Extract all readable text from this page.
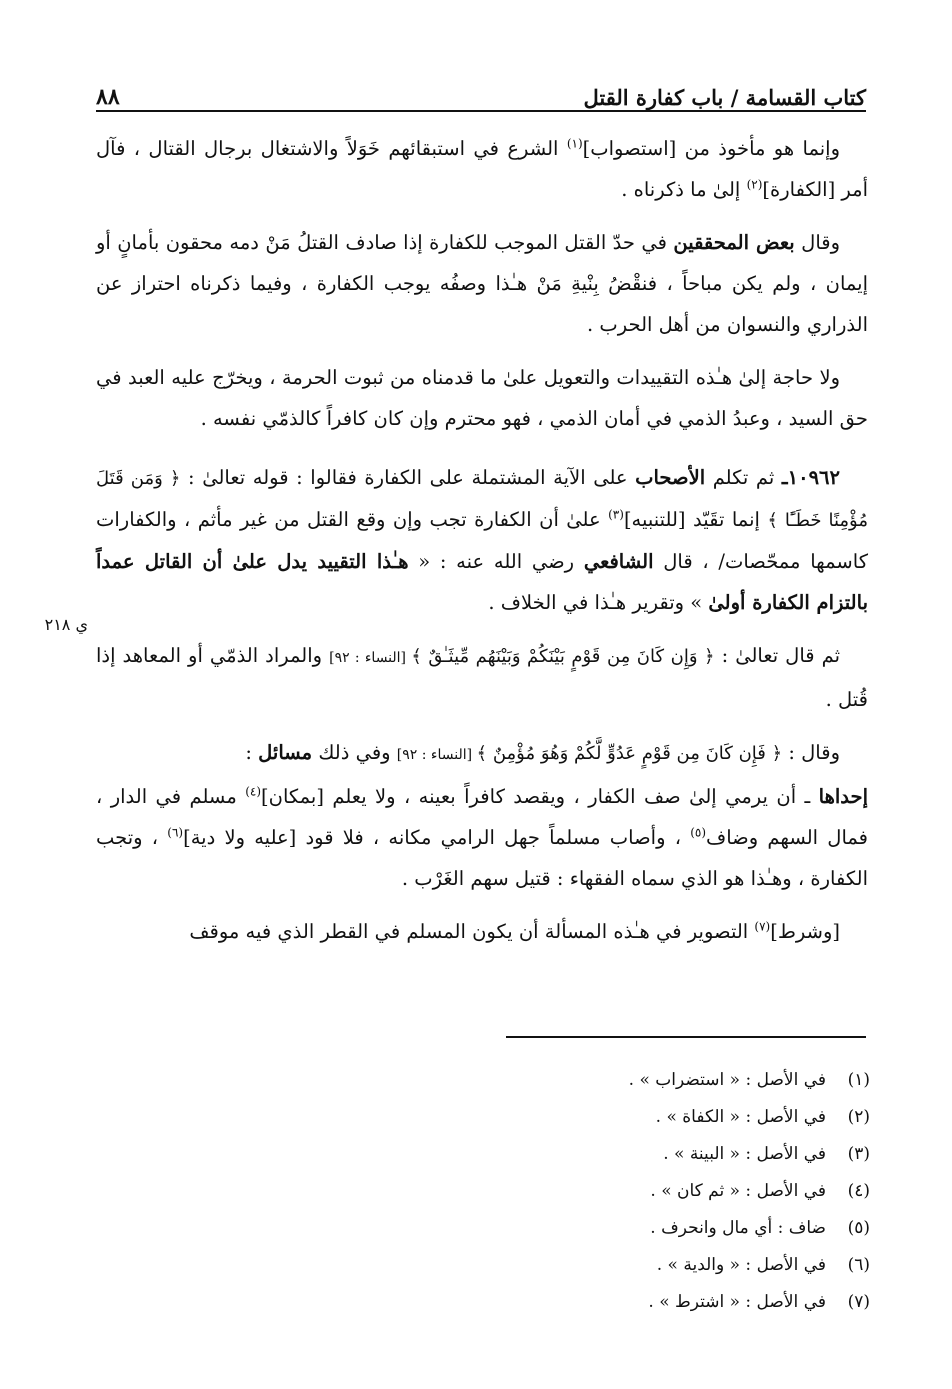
٨٨	كتاب القسامة / باب كفارة القتل
ي ٢١٨

وإنما هو مأخوذ من [استصواب]$^{(١)}$ الشرع في استبقائهم خَوَلاً والاشتغال برجال القتال ، فآل أمر [الكفارة]$^{(٢)}$ إلىٰ ما ذكرناه .

وقال بعض المحققين في حدّ القتل الموجب للكفارة إذا صادف القتلُ مَنْ دمه محقون بأمانٍ أو إيمان ، ولم يكن مباحاً ، فنقْضُ بِنْيةِ مَنْ هـٰذا وصفُه يوجب الكفارة ، وفيما ذكرناه احتراز عن الذراري والنسوان من أهل الحرب .

ولا حاجة إلىٰ هـٰذه التقييدات والتعويل علىٰ ما قدمناه من ثبوت الحرمة ، ويخرّج عليه العبد في حق السيد ، وعبدُ الذمي في أمان الذمي ، فهو محترم وإن كان كافراً كالذمّي نفسه .

١٠٩٦٢ـ ثم تكلم الأصحاب على الآية المشتملة على الكفارة فقالوا : قوله تعالىٰ : ﴿ وَمَن قَتَلَ مُؤْمِنًا خَطَـًٔا ﴾ إنما تقَيّد [للتنبيه]$^{(٣)}$ علىٰ أن الكفارة تجب وإن وقع القتل من غير مأثم ، والكفارات كاسمها ممحّصات/ ، قال الشافعي رضي الله عنه : « هـٰذا التقييد يدل علىٰ أن القاتل عمداً بالتزام الكفارة أولىٰ » وتقرير هـٰذا في الخلاف .

ثم قال تعالىٰ : ﴿ وَإِن كَانَ مِن قَوْمٍ بَيْنَكُمْ وَبَيْنَهُم مِّيثَـٰقٌ ﴾ [النساء : ٩٢] والمراد الذمّي أو المعاهد إذا قُتل .

وقال : ﴿ فَإِن كَانَ مِن قَوْمٍ عَدُوٍّ لَّكُمْ وَهُوَ مُؤْمِنٌ ﴾ [النساء : ٩٢] وفي ذلك مسائل :

إحداها ـ أن يرمي إلىٰ صف الكفار ، ويقصد كافراً بعينه ، ولا يعلم [بمكان]$^{(٤)}$ مسلم في الدار ، فمال السهم وضاف$^{(٥)}$ ، وأصاب مسلماً جهل الرامي مكانه ، فلا قود [عليه ولا دية]$^{(٦)}$ ، وتجب الكفارة ، وهـٰذا هو الذي سماه الفقهاء : قتيل سهم الغَرْب .

[وشرط]$^{(٧)}$ التصوير في هـٰذه المسألة أن يكون المسلم في القطر الذي فيه موقف

(١)في الأصل : « استضراب » .
(٢)في الأصل : « الكفاة » .
(٣)في الأصل : « البينة » .
(٤)في الأصل : « ثم كان » .
(٥)ضاف : أي مال وانحرف .
(٦)في الأصل : « والدية » .
(٧)في الأصل : « اشترط » .
